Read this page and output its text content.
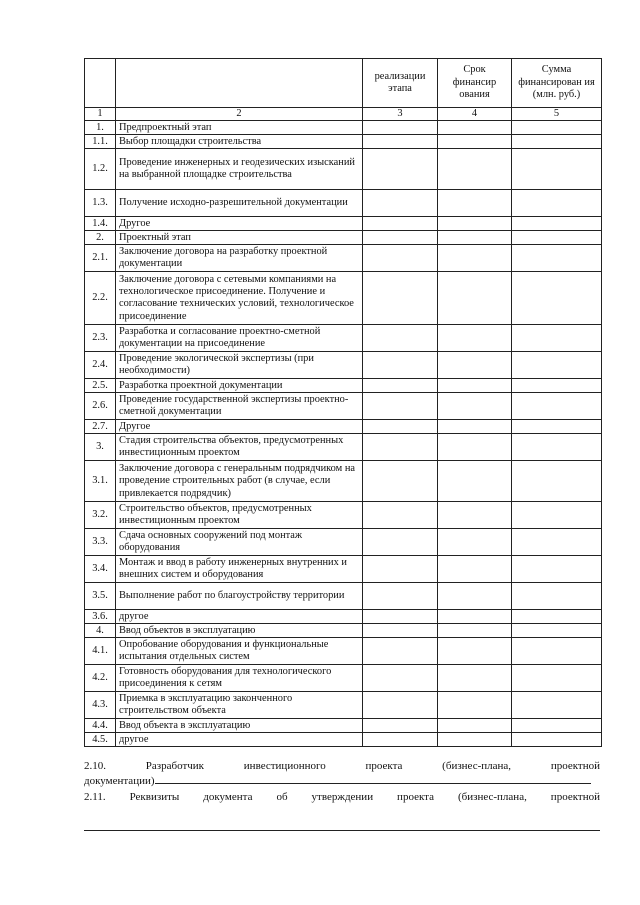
		реализации этапа	Срок финансир ования	Сумма финансирован ия (млн. руб.)
1	2	3	4	5
1.	Предпроектный этап			
1.1.	Выбор площадки строительства			
1.2.	Проведение инженерных и геодезических изысканий на выбранной площадке строительства			
1.3.	Получение исходно-разрешительной документации			
1.4.	Другое			
2.	Проектный этап			
2.1.	Заключение договора на разработку проектной документации			
2.2.	Заключение договора с сетевыми компаниями на технологическое присоединение. Получение и согласование технических условий, технологическое присоединение			
2.3.	Разработка и согласование проектно-сметной документации на присоединение			
2.4.	Проведение экологической экспертизы (при необходимости)			
2.5.	Разработка проектной документации			
2.6.	Проведение государственной экспертизы проектно-сметной документации			
2.7.	Другое			
3.	Стадия строительства объектов, предусмотренных инвестиционным проектом			
3.1.	Заключение договора с генеральным подрядчиком на проведение строительных работ (в случае, если привлекается подрядчик)			
3.2.	Строительство объектов, предусмотренных инвестиционным проектом			
3.3.	Сдача основных сооружений под монтаж оборудования			
3.4.	Монтаж и ввод в работу инженерных внутренних и внешних систем и оборудования			
3.5.	Выполнение работ по благоустройству территории			
3.6.	другое			
4.	Ввод объектов в эксплуатацию			
4.1.	Опробование оборудования и функциональные испытания отдельных систем			
4.2.	Готовность оборудования для технологического присоединения к сетям			
4.3.	Приемка в эксплуатацию законченного строительством объекта			
4.4.	Ввод объекта в эксплуатацию			
4.5.	другое			
2.10. Разработчик инвестиционного проекта (бизнес-плана, проектной
документации)
2.11. Реквизиты документа об утверждении проекта (бизнес-плана, проектной
